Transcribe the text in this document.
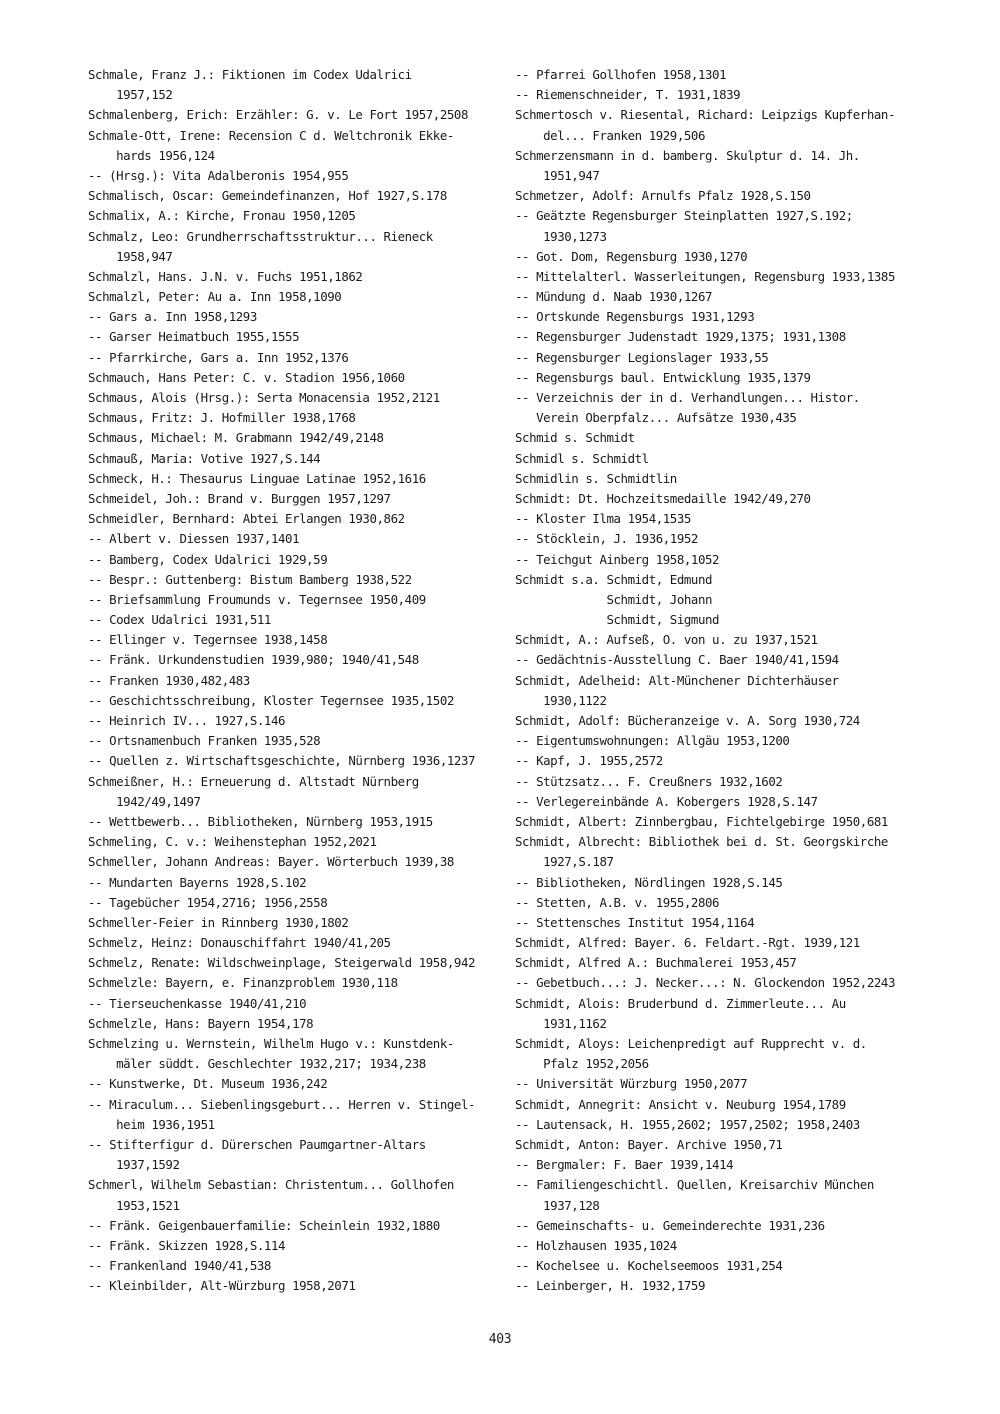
Schmale, Franz J.: Fiktionen im Codex Udalrici
1957,152
Schmalenberg, Erich: Erzähler: G. v. Le Fort 1957,2508
Schmale-Ott, Irene: Recension C d. Weltchronik Ekke-
hards 1956,124
-- (Hrsg.): Vita Adalberonis 1954,955
Schmalisch, Oscar: Gemeindefinanzen, Hof 1927,S.178
Schmalix, A.: Kirche, Fronau 1950,1205
Schmalz, Leo: Grundherrschaftsstruktur... Rieneck
1958,947
Schmalzl, Hans. J.N. v. Fuchs 1951,1862
Schmalzl, Peter: Au a. Inn 1958,1090
-- Gars a. Inn 1958,1293
-- Garser Heimatbuch 1955,1555
-- Pfarrkirche, Gars a. Inn 1952,1376
Schmauch, Hans Peter: C. v. Stadion 1956,1060
Schmaus, Alois (Hrsg.): Serta Monacensia 1952,2121
Schmaus, Fritz: J. Hofmiller 1938,1768
Schmaus, Michael: M. Grabmann 1942/49,2148
Schmauß, Maria: Votive 1927,S.144
Schmeck, H.: Thesaurus Linguae Latinae 1952,1616
Schmeidel, Joh.: Brand v. Burggen 1957,1297
Schmeidler, Bernhard: Abtei Erlangen 1930,862
-- Albert v. Diessen 1937,1401
-- Bamberg, Codex Udalrici 1929,59
-- Bespr.: Guttenberg: Bistum Bamberg 1938,522
-- Briefsammlung Froumunds v. Tegernsee 1950,409
-- Codex Udalrici 1931,511
-- Ellinger v. Tegernsee 1938,1458
-- Fränk. Urkundenstudien 1939,980; 1940/41,548
-- Franken 1930,482,483
-- Geschichtsschreibung, Kloster Tegernsee 1935,1502
-- Heinrich IV... 1927,S.146
-- Ortsnamenbuch Franken 1935,528
-- Quellen z. Wirtschaftsgeschichte, Nürnberg 1936,1237
Schmeißner, H.: Erneuerung d. Altstadt Nürnberg
1942/49,1497
-- Wettbewerb... Bibliotheken, Nürnberg 1953,1915
Schmeling, C. v.: Weihenstephan 1952,2021
Schmeller, Johann Andreas: Bayer. Wörterbuch 1939,38
-- Mundarten Bayerns 1928,S.102
-- Tagebücher 1954,2716; 1956,2558
Schmeller-Feier in Rinnberg 1930,1802
Schmelz, Heinz: Donauschiffahrt 1940/41,205
Schmelz, Renate: Wildschweinplage, Steigerwald 1958,942
Schmelzle: Bayern, e. Finanzproblem 1930,118
-- Tierseuchenkasse 1940/41,210
Schmelzle, Hans: Bayern 1954,178
Schmelzing u. Wernstein, Wilhelm Hugo v.: Kunstdenk-
mäler süddt. Geschlechter 1932,217; 1934,238
-- Kunstwerke, Dt. Museum 1936,242
-- Miraculum... Siebenlingsgeburt... Herren v. Stingel-
heim 1936,1951
-- Stifterfigur d. Dürerschen Paumgartner-Altars
1937,1592
Schmerl, Wilhelm Sebastian: Christentum... Gollhofen
1953,1521
-- Fränk. Geigenbauerfamilie: Scheinlein 1932,1880
-- Fränk. Skizzen 1928,S.114
-- Frankenland 1940/41,538
-- Kleinbilder, Alt-Würzburg 1958,2071
-- Pfarrei Gollhofen 1958,1301
-- Riemenschneider, T. 1931,1839
Schmertosch v. Riesental, Richard: Leipzigs Kupferhan-
del... Franken 1929,506
Schmerzensmann in d. bamberg. Skulptur d. 14. Jh.
1951,947
Schmetzer, Adolf: Arnulfs Pfalz 1928,S.150
-- Geätzte Regensburger Steinplatten 1927,S.192;
1930,1273
-- Got. Dom, Regensburg 1930,1270
-- Mittelalterl. Wasserleitungen, Regensburg 1933,1385
-- Mündung d. Naab 1930,1267
-- Ortskunde Regensburgs 1931,1293
-- Regensburger Judenstadt 1929,1375; 1931,1308
-- Regensburger Legionslager 1933,55
-- Regensburgs baul. Entwicklung 1935,1379
-- Verzeichnis der in d. Verhandlungen... Histor.
Verein Oberpfalz... Aufsätze 1930,435
Schmid s. Schmidt
Schmidl s. Schmidtl
Schmidlin s. Schmidtlin
Schmidt: Dt. Hochzeitsmedaille 1942/49,270
-- Kloster Ilma 1954,1535
-- Stöcklein, J. 1936,1952
-- Teichgut Ainberg 1958,1052
Schmidt s.a. Schmidt, Edmund
Schmidt, Johann
Schmidt, Sigmund
Schmidt, A.: Aufseß, O. von u. zu 1937,1521
-- Gedächtnis-Ausstellung C. Baer 1940/41,1594
Schmidt, Adelheid: Alt-Münchener Dichterhäuser
1930,1122
Schmidt, Adolf: Bücheranzeige v. A. Sorg 1930,724
-- Eigentumswohnungen: Allgäu 1953,1200
-- Kapf, J. 1955,2572
-- Stützsatz... F. Creußners 1932,1602
-- Verlegereinbände A. Kobergers 1928,S.147
Schmidt, Albert: Zinnbergbau, Fichtelgebirge 1950,681
Schmidt, Albrecht: Bibliothek bei d. St. Georgskirche
1927,S.187
-- Bibliotheken, Nördlingen 1928,S.145
-- Stetten, A.B. v. 1955,2806
-- Stettensches Institut 1954,1164
Schmidt, Alfred: Bayer. 6. Feldart.-Rgt. 1939,121
Schmidt, Alfred A.: Buchmalerei 1953,457
-- Gebetbuch...: J. Necker...: N. Glockendon 1952,2243
Schmidt, Alois: Bruderbund d. Zimmerleute... Au
1931,1162
Schmidt, Aloys: Leichenpredigt auf Rupprecht v. d.
Pfalz 1952,2056
-- Universität Würzburg 1950,2077
Schmidt, Annegrit: Ansicht v. Neuburg 1954,1789
-- Lautensack, H. 1955,2602; 1957,2502; 1958,2403
Schmidt, Anton: Bayer. Archive 1950,71
-- Bergmaler: F. Baer 1939,1414
-- Familiengeschichtl. Quellen, Kreisarchiv München
1937,128
-- Gemeinschafts- u. Gemeinderechte 1931,236
-- Holzhausen 1935,1024
-- Kochelsee u. Kochelseemoos 1931,254
-- Leinberger, H. 1932,1759
403
